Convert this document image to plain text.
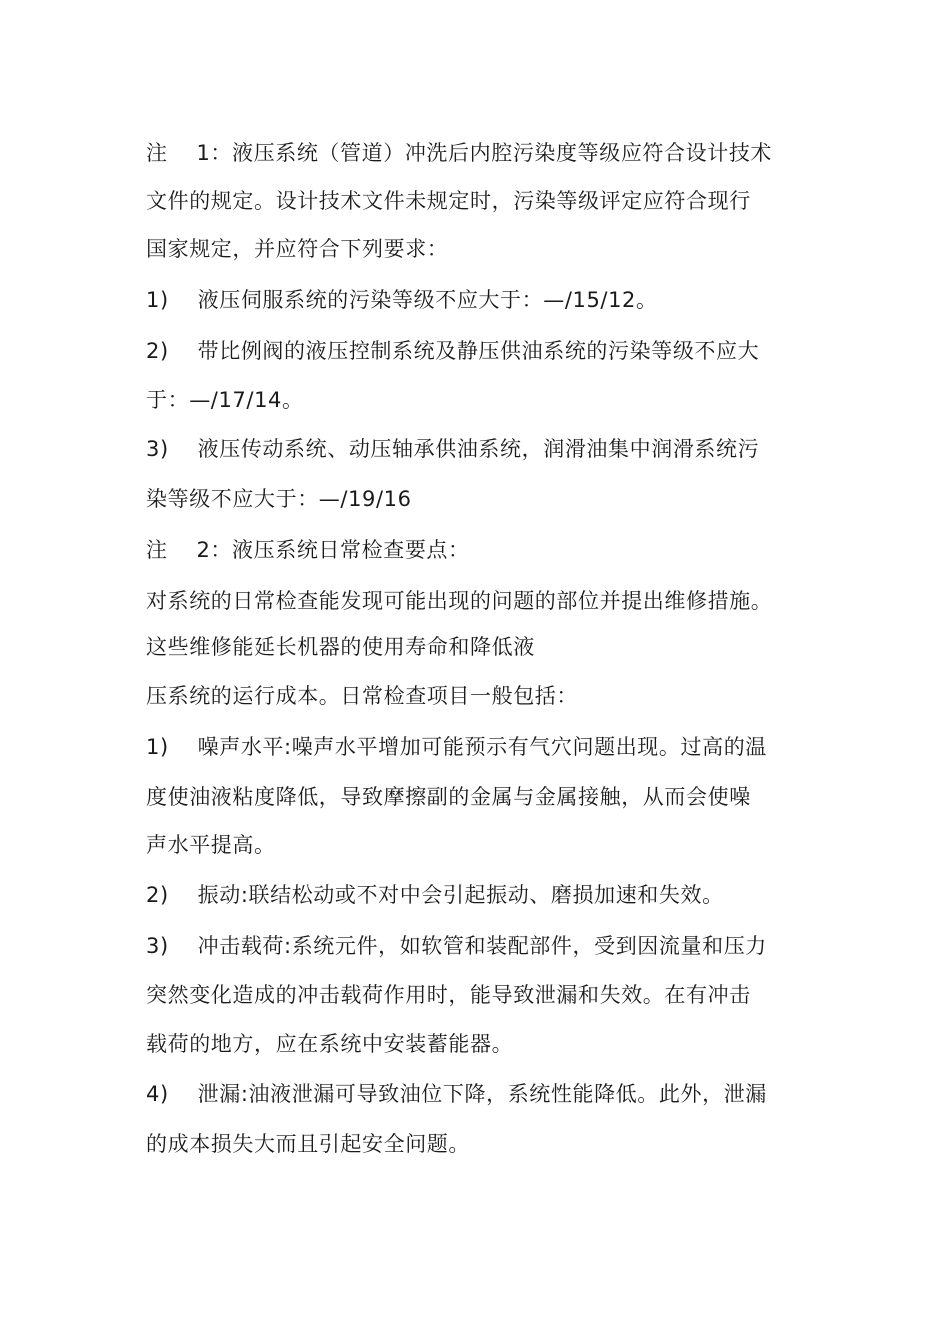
注　 1：液压系统（管道）冲洗后内腔污染度等级应符合设计技术
文件的规定。设计技术文件未规定时，污染等级评定应符合现行
国家规定，并应符合下列要求：
1)　 液压伺服系统的污染等级不应大于：—/15/12。
2)　 带比例阀的液压控制系统及静压供油系统的污染等级不应大
于：—/17/14。
3)　 液压传动系统、动压轴承供油系统，润滑油集中润滑系统污
染等级不应大于：—/19/16
注　 2：液压系统日常检查要点：
对系统的日常检查能发现可能出现的问题的部位并提出维修措施。
这些维修能延长机器的使用寿命和降低液
压系统的运行成本。日常检查项目一般包括：
1)　 噪声水平:噪声水平增加可能预示有气穴问题出现。过高的温
度使油液粘度降低，导致摩擦副的金属与金属接触，从而会使噪
声水平提高。
2)　 振动:联结松动或不对中会引起振动、磨损加速和失效。
3)　 冲击载荷:系统元件，如软管和装配部件，受到因流量和压力
突然变化造成的冲击载荷作用时，能导致泄漏和失效。在有冲击
载荷的地方，应在系统中安装蓄能器。
4)　 泄漏:油液泄漏可导致油位下降，系统性能降低。此外，泄漏
的成本损失大而且引起安全问题。
